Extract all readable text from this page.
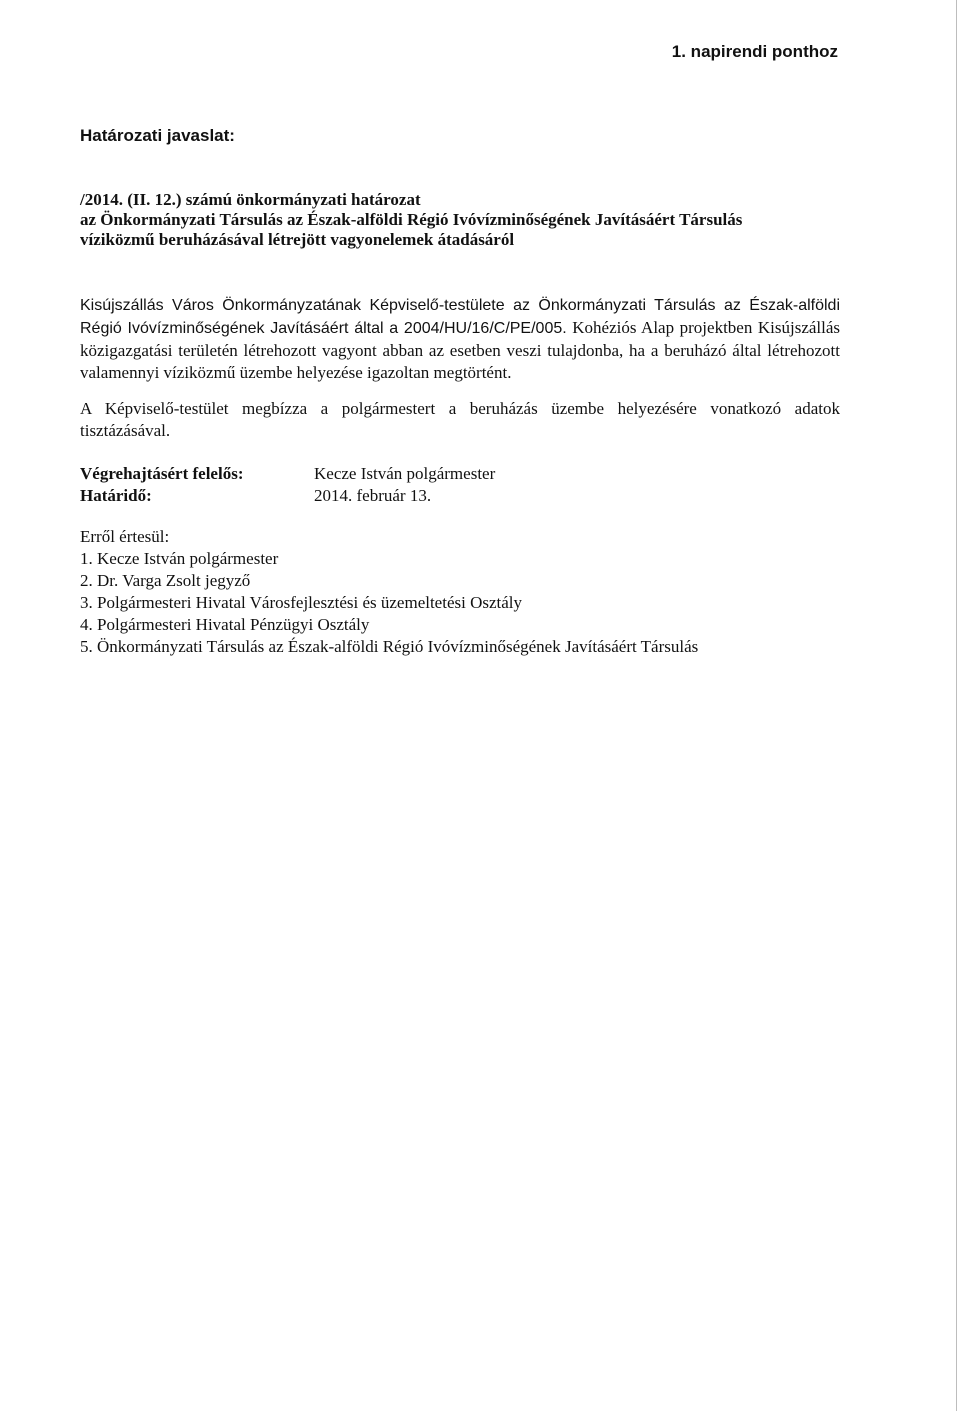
1. napirendi ponthoz

Határozati javaslat:

/2014. (II. 12.) számú önkormányzati határozat
az Önkormányzati Társulás az Észak-alföldi Régió Ivóvízminőségének Javításáért Társulás
víziközmű beruházásával létrejött vagyonelemek átadásáról

Kisújszállás Város Önkormányzatának Képviselő-testülete az Önkormányzati Társulás az Észak-alföldi Régió Ivóvízminőségének Javításáért által a 2004/HU/16/C/PE/005. Kohéziós Alap projektben Kisújszállás közigazgatási területén létrehozott vagyont abban az esetben veszi tulajdonba, ha a beruházó által létrehozott valamennyi víziközmű üzembe helyezése igazoltan megtörtént.

A Képviselő-testület megbízza a polgármestert a beruházás üzembe helyezésére vonatkozó adatok tisztázásával.

Végrehajtásért felelős:	Kecze István polgármester
Határidő:	2014. február 13.
Erről értesül:
1. Kecze István polgármester
2. Dr. Varga Zsolt jegyző
3. Polgármesteri Hivatal Városfejlesztési és üzemeltetési Osztály
4. Polgármesteri Hivatal Pénzügyi Osztály
5. Önkormányzati Társulás az Észak-alföldi Régió Ivóvízminőségének Javításáért Társulás
